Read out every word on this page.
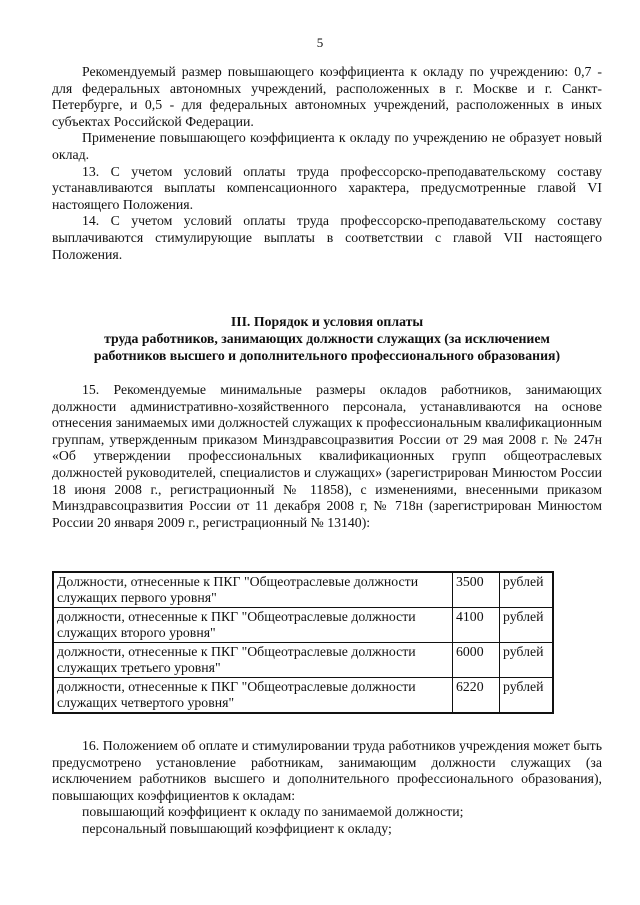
5

Рекомендуемый размер повышающего коэффициента к окладу по учреждению: 0,7 - для федеральных автономных учреждений, расположенных в г. Москве и г. Санкт-Петербурге, и 0,5 - для федеральных автономных учреждений, расположенных в иных субъектах Российской Федерации.

Применение повышающего коэффициента к окладу по учреждению не образует новый оклад.

13. С учетом условий оплаты труда профессорско-преподавательскому составу устанавливаются выплаты компенсационного характера, предусмотренные главой VI настоящего Положения.

14. С учетом условий оплаты труда профессорско-преподавательскому составу выплачиваются стимулирующие выплаты в соответствии с главой VII настоящего Положения.

III. Порядок и условия оплаты
труда работников, занимающих должности служащих (за исключением
работников высшего и дополнительного профессионального образования)

15. Рекомендуемые минимальные размеры окладов работников, занимающих должности административно-хозяйственного персонала, устанавливаются на основе отнесения занимаемых ими должностей служащих к профессиональным квалификационным группам, утвержденным приказом Минздравсоцразвития России от 29 мая 2008 г. № 247н «Об утверждении профессиональных квалификационных групп общеотраслевых должностей руководителей, специалистов и служащих» (зарегистрирован Минюстом России 18 июня 2008 г., регистрационный № 11858), с изменениями, внесенными приказом Минздравсоцразвития России от 11 декабря 2008 г, № 718н (зарегистрирован Минюстом России 20 января 2009 г., регистрационный № 13140):

Должности, отнесенные к ПКГ "Общеотраслевые должности служащих первого уровня"	3500	рублей
должности, отнесенные к ПКГ "Общеотраслевые должности служащих второго уровня"	4100	рублей
должности, отнесенные к ПКГ "Общеотраслевые должности служащих третьего уровня"	6000	рублей
должности, отнесенные к ПКГ "Общеотраслевые должности служащих четвертого уровня"	6220	рублей

16. Положением об оплате и стимулировании труда работников учреждения может быть предусмотрено установление работникам, занимающим должности служащих (за исключением работников высшего и дополнительного профессионального образования), повышающих коэффициентов к окладам:

повышающий коэффициент к окладу по занимаемой должности;

персональный повышающий коэффициент к окладу;
